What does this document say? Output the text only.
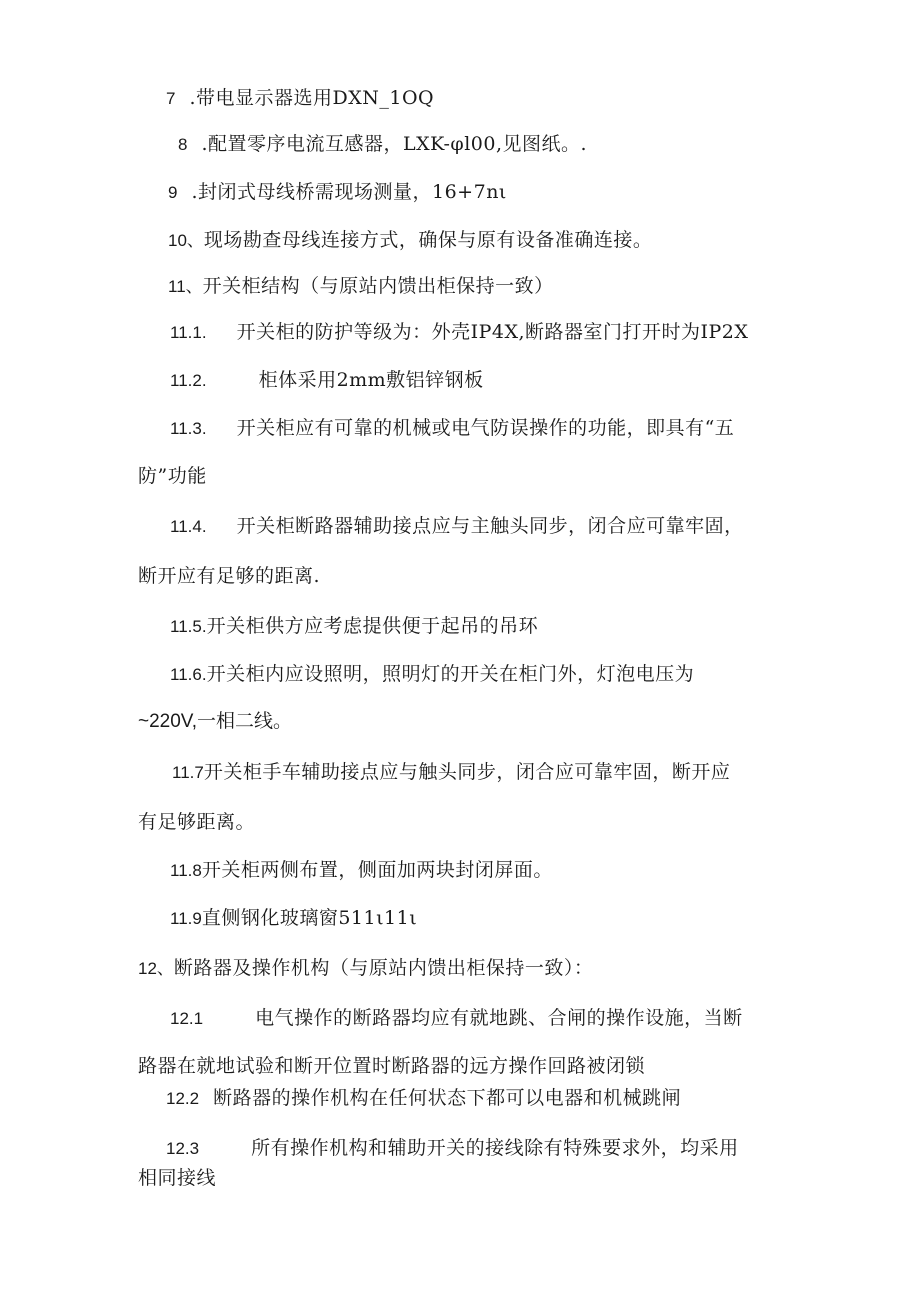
7 .带电显示器选用DXN_1OQ
8 .配置零序电流互感器，LXK-φl00,见图纸。.
9 .封闭式母线桥需现场测量，16+7nι
10、现场勘查母线连接方式，确保与原有设备准确连接。
11、开关柜结构（与原站内馈出柜保持一致）
11.1. 开关柜的防护等级为：外壳IP4X,断路器室门打开时为IP2X
11.2.	柜体采用2mm敷铝锌钢板
11.3. 开关柜应有可靠的机械或电气防误操作的功能，即具有“五
防”功能
11.4. 开关柜断路器辅助接点应与主触头同步，闭合应可靠牢固，
断开应有足够的距离.
11.5.开关柜供方应考虑提供便于起吊的吊环
11.6.开关柜内应设照明，照明灯的开关在柜门外，灯泡电压为
~220V,一相二线。
11.7开关柜手车辅助接点应与触头同步，闭合应可靠牢固，断开应
有足够距离。
11.8开关柜两侧布置，侧面加两块封闭屏面。
11.9直侧钢化玻璃窗511ι11ι
12、断路器及操作机构（与原站内馈出柜保持一致）：
12.1	电气操作的断路器均应有就地跳、合闸的操作设施，当断
路器在就地试验和断开位置时断路器的远方操作回路被闭锁
12.2 断路器的操作机构在任何状态下都可以电器和机械跳闸
12.3	所有操作机构和辅助开关的接线除有特殊要求外，均采用
相同接线
